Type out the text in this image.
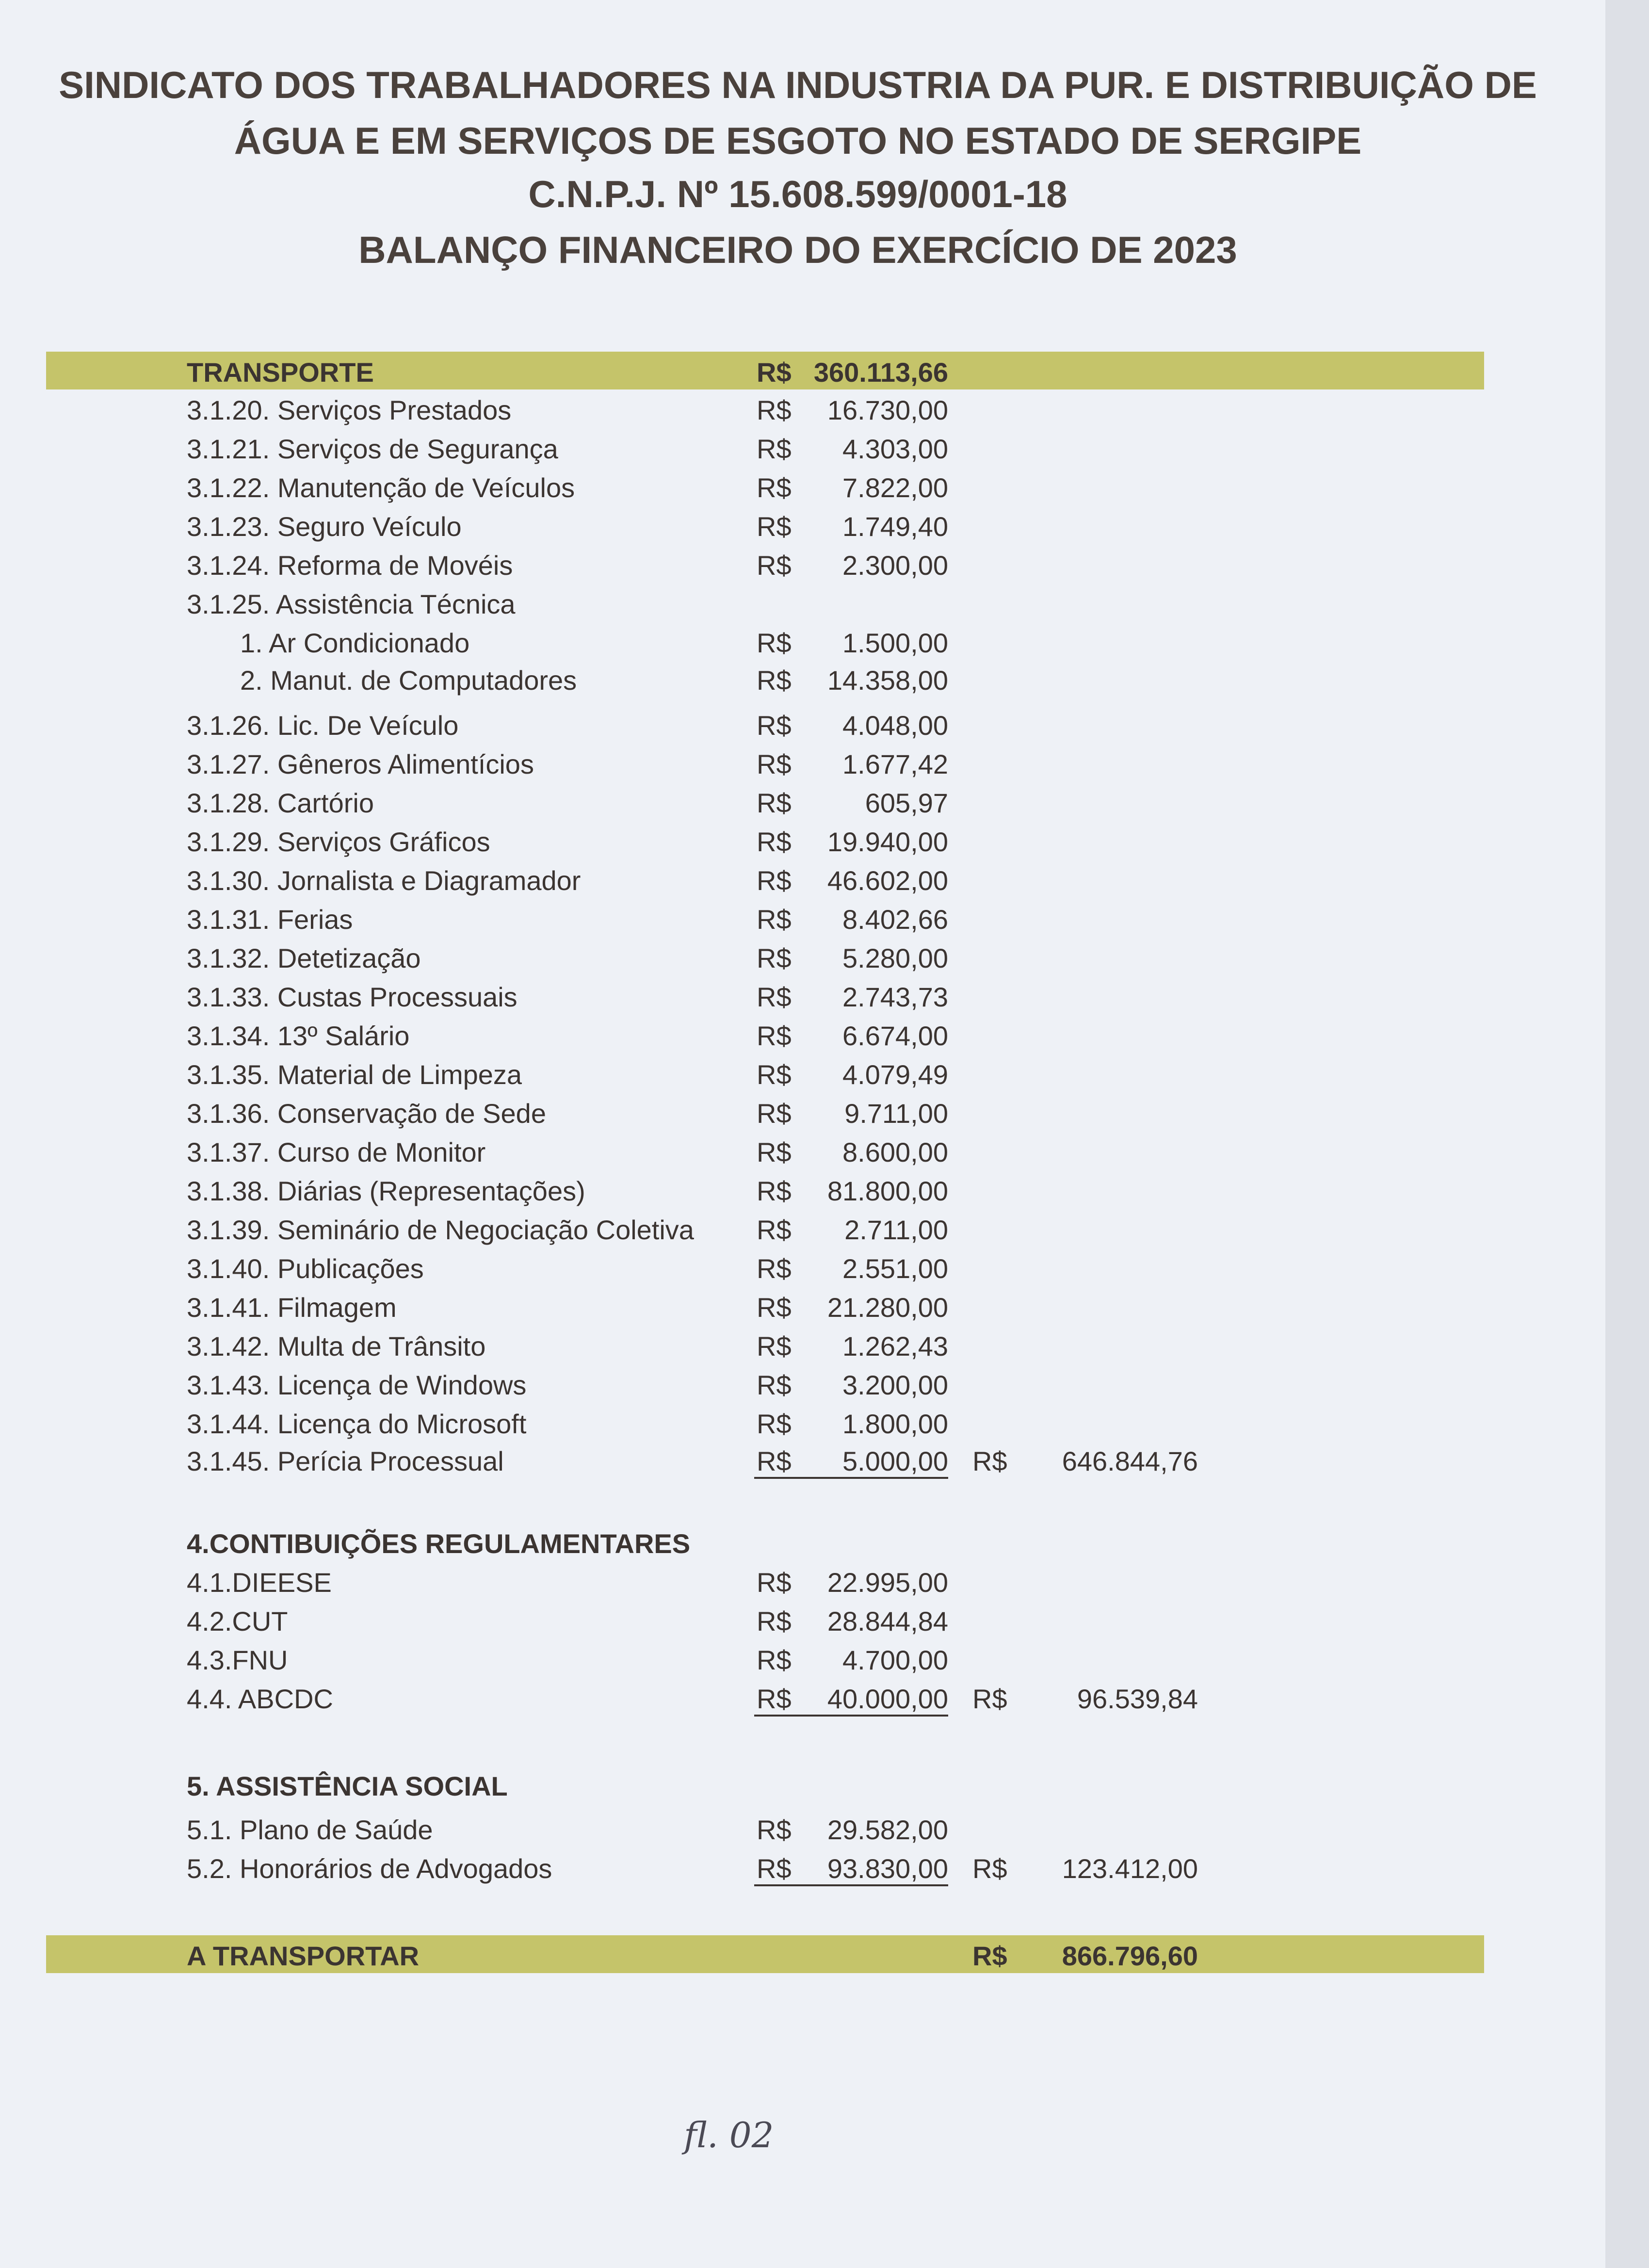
SINDICATO DOS TRABALHADORES NA INDUSTRIA DA PUR. E DISTRIBUIÇÃO DE
ÁGUA E EM SERVIÇOS DE ESGOTO NO ESTADO DE SERGIPE
C.N.P.J. Nº 15.608.599/0001-18
BALANÇO FINANCEIRO DO EXERCÍCIO DE 2023
TRANSPORTE	R$ 360.113,66
3.1.20. Serviços Prestados	R$	16.730,00
3.1.21. Serviços de Segurança	R$	4.303,00
3.1.22. Manutenção de Veículos	R$	7.822,00
3.1.23. Seguro Veículo	R$	1.749,40
3.1.24. Reforma de Movéis	R$	2.300,00
3.1.25. Assistência Técnica
1. Ar Condicionado	R$	1.500,00
2. Manut. de Computadores	R$	14.358,00
3.1.26. Lic. De Veículo	R$	4.048,00
3.1.27. Gêneros Alimentícios	R$	1.677,42
3.1.28. Cartório	R$	605,97
3.1.29. Serviços Gráficos	R$	19.940,00
3.1.30. Jornalista e Diagramador	R$	46.602,00
3.1.31. Ferias	R$	8.402,66
3.1.32. Detetização	R$	5.280,00
3.1.33. Custas Processuais	R$	2.743,73
3.1.34. 13º Salário	R$	6.674,00
3.1.35. Material de Limpeza	R$	4.079,49
3.1.36. Conservação de Sede	R$	9.711,00
3.1.37. Curso de Monitor	R$	8.600,00
3.1.38. Diárias (Representações)	R$	81.800,00
3.1.39. Seminário de Negociação Coletiva R$	2.711,00
3.1.40. Publicações	R$	2.551,00
3.1.41. Filmagem	R$	21.280,00
3.1.42. Multa de Trânsito	R$	1.262,43
3.1.43. Licença de Windows	R$	3.200,00
3.1.44. Licença do Microsoft	R$	1.800,00
3.1.45. Perícia Processual	R$	5.000,00 R$	646.844,76
4.CONTIBUIÇÕES REGULAMENTARES
4.1.DIEESE	R$	22.995,00
4.2.CUT	R$	28.844,84
4.3.FNU	R$	4.700,00
4.4. ABCDC	R$	40.000,00 R$	96.539,84
5. ASSISTÊNCIA SOCIAL
5.1. Plano de Saúde	R$	29.582,00
5.2. Honorários de Advogados	R$	93.830,00 R$	123.412,00
A TRANSPORTAR	R$	866.796,60
fl. 02
